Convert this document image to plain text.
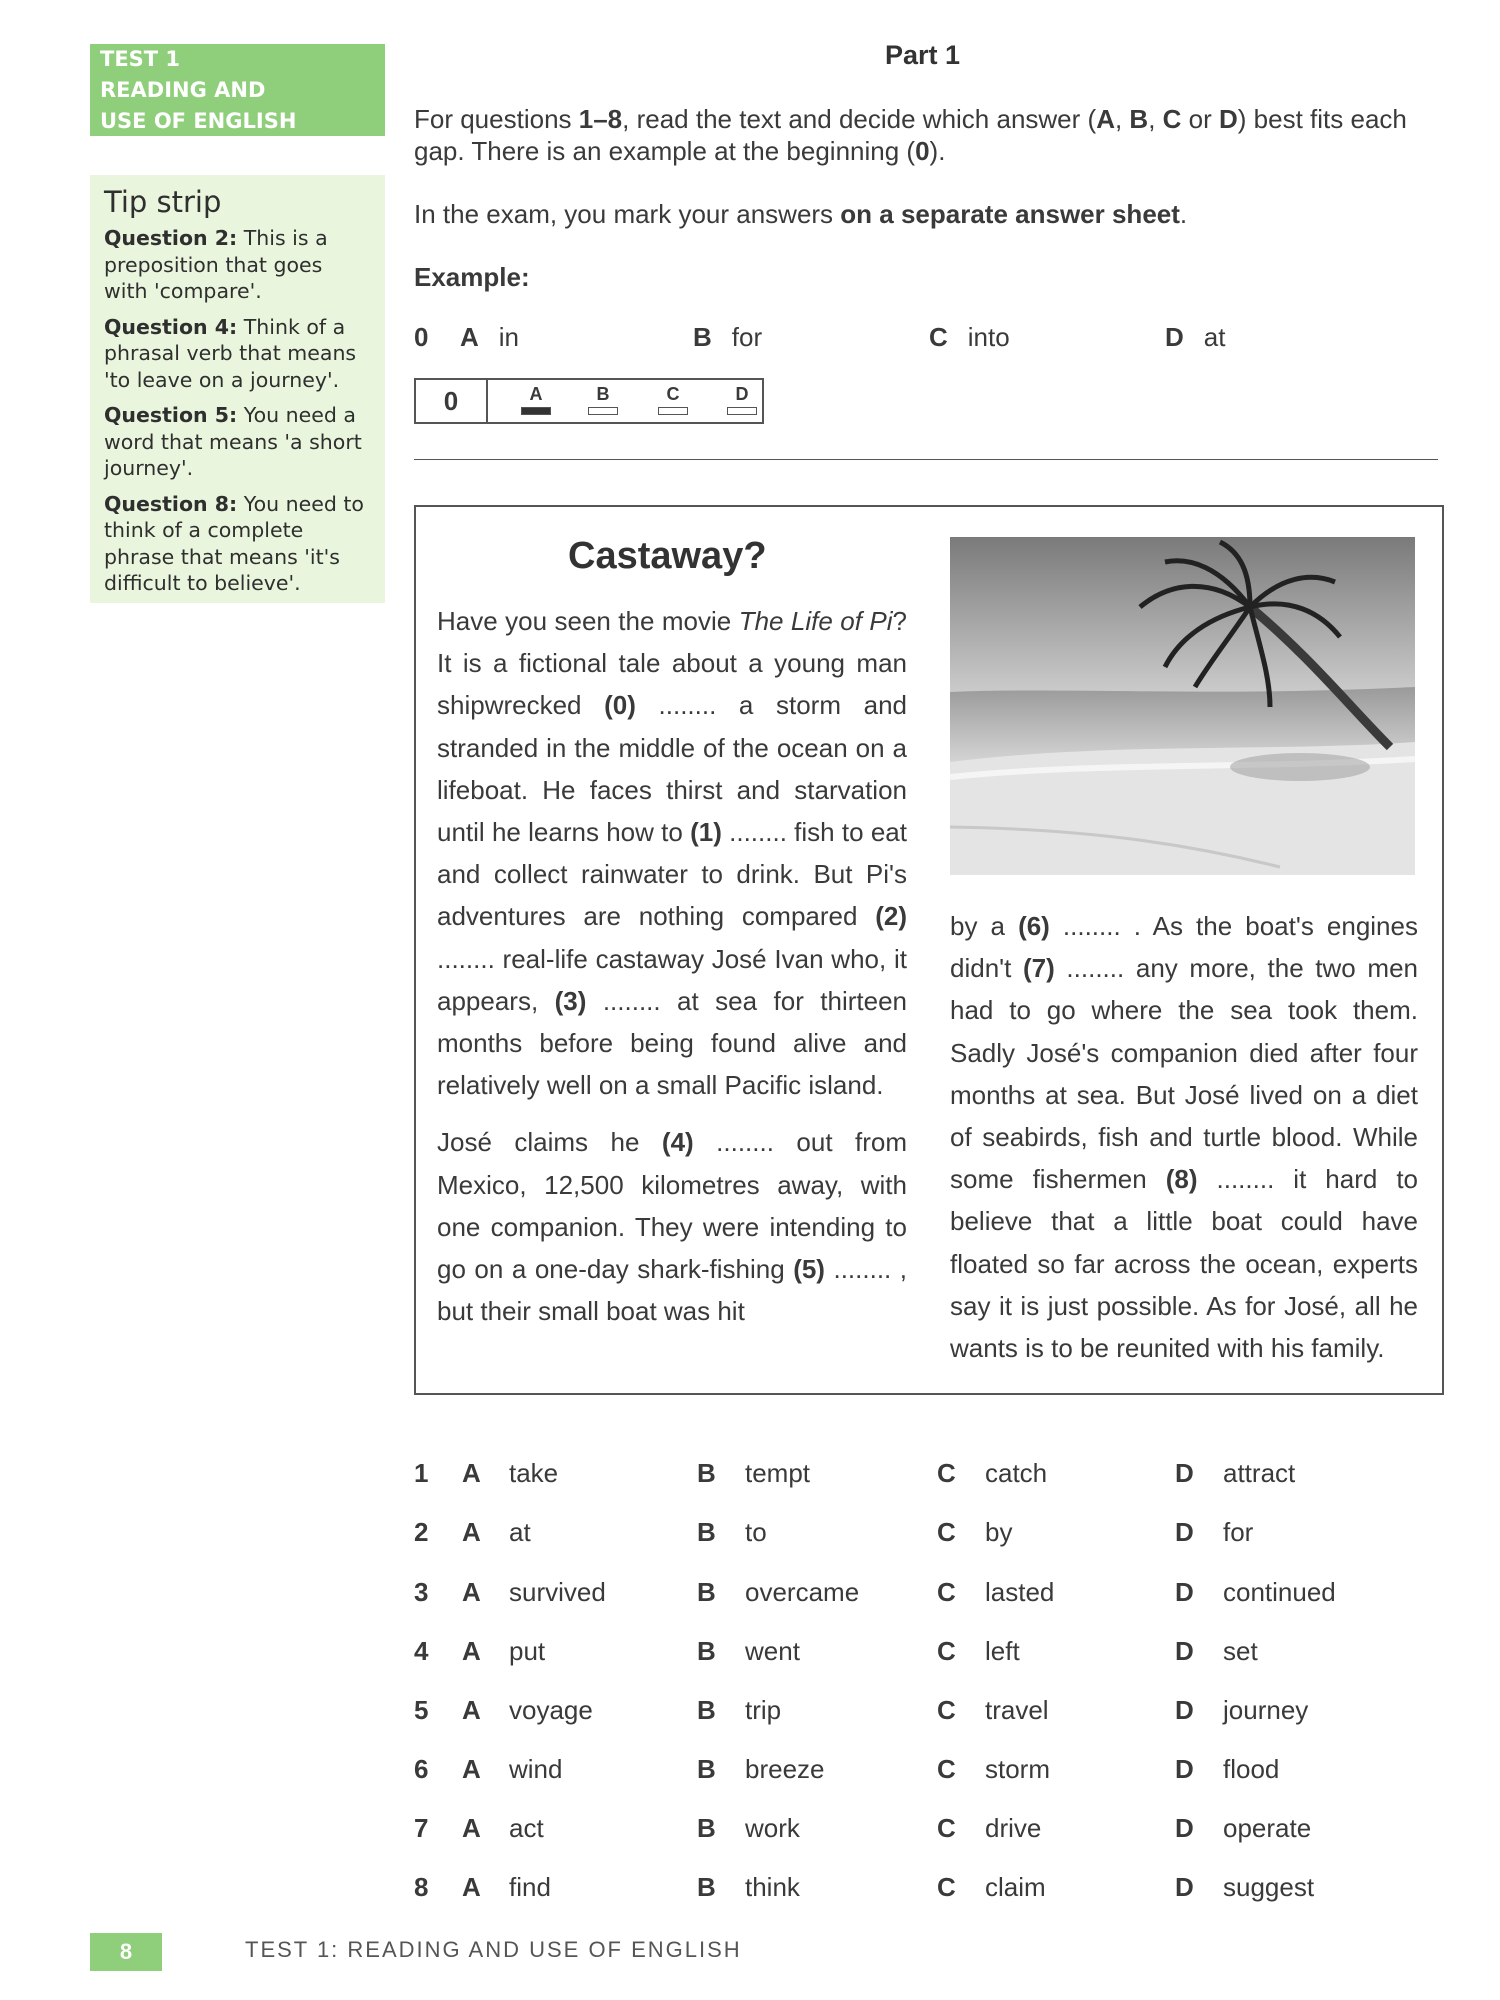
TEST 1
READING AND
USE OF ENGLISH
Tip strip
Question 2: This is a preposition that goes with 'compare'.
Question 4: Think of a phrasal verb that means 'to leave on a journey'.
Question 5: You need a word that means 'a short journey'.
Question 8: You need to think of a complete phrase that means 'it's difficult to believe'.
Part 1
For questions 1–8, read the text and decide which answer (A, B, C or D) best fits each gap. There is an example at the beginning (0).
In the exam, you mark your answers on a separate answer sheet.
Example:
0	A in	B for	C into	D at
0	A	B	C	D
Castaway?

Have you seen the movie The Life of Pi? It is a fictional tale about a young man shipwrecked (0) ........ a storm and stranded in the middle of the ocean on a lifeboat. He faces thirst and starvation until he learns how to (1) ........ fish to eat and collect rainwater to drink. But Pi's adventures are nothing compared (2) ........ real-life castaway José Ivan who, it appears, (3) ........ at sea for thirteen months before being found alive and relatively well on a small Pacific island.

José claims he (4) ........ out from Mexico, 12,500 kilometres away, with one companion. They were intending to go on a one-day shark-fishing (5) ........ , but their small boat was hit

by a (6) ........ . As the boat's engines didn't (7) ........ any more, the two men had to go where the sea took them. Sadly José's companion died after four months at sea. But José lived on a diet of seabirds, fish and turtle blood. While some fishermen (8) ........ it hard to believe that a little boat could have floated so far across the ocean, experts say it is just possible. As for José, all he wants is to be reunited with his family.

1 A take	B tempt	C catch	D attract
2 A at	B to	C by	D for
3 A survived	B overcame	C lasted	D continued
4 A put	B went	C left	D set
5 A voyage	B trip	C travel	D journey
6 A wind	B breeze	C storm	D flood
7 A act	B work	C drive	D operate
8 A find	B think	C claim	D suggest
8	TEST 1: READING AND USE OF ENGLISH
